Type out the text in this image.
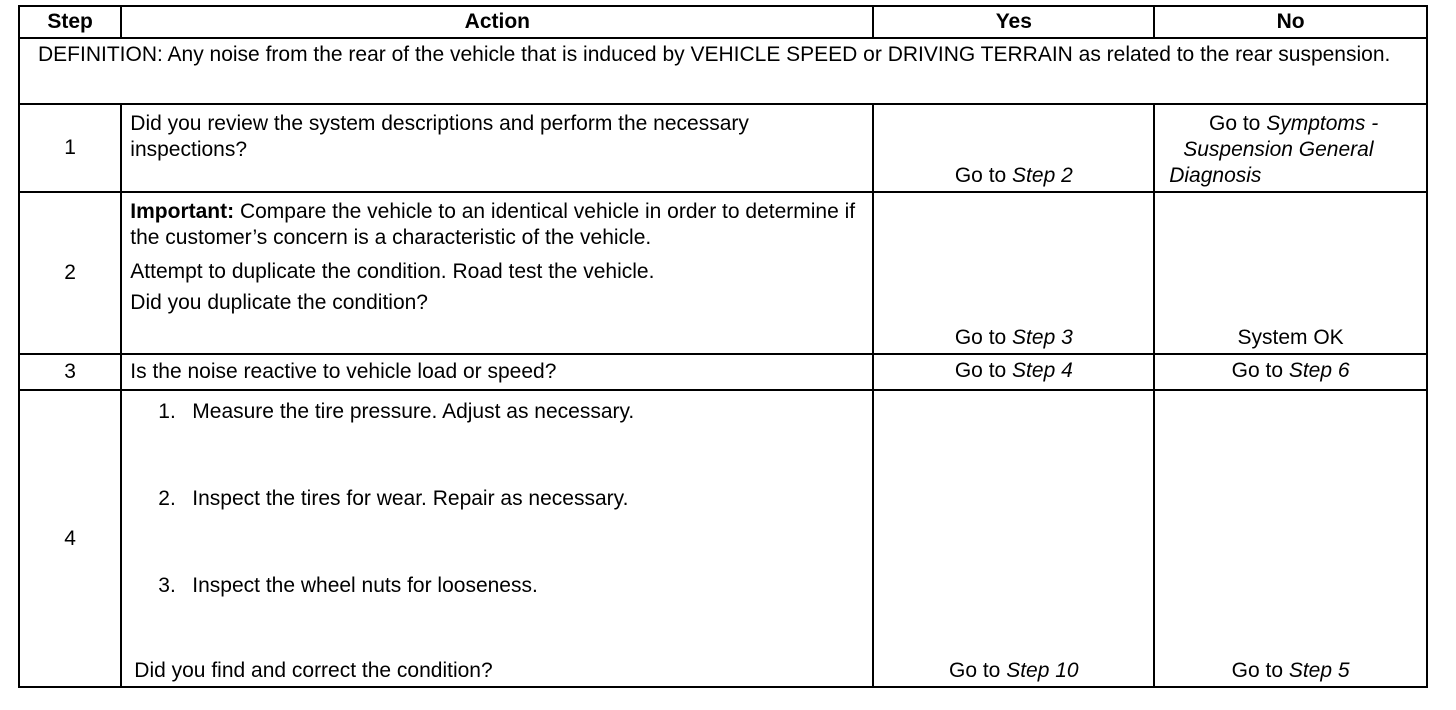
Step	Action	Yes	No
DEFINITION: Any noise from the rear of the vehicle that is induced by VEHICLE SPEED or DRIVING TERRAIN as related to the rear suspension.			
1	Did you review the system descriptions and perform the necessary inspections?	Go to Step 2	Go to Symptoms -
Suspension General
Diagnosis

2	Important: Compare the vehicle to an identical vehicle in order to determine if the customer’s concern is a characteristic of the vehicle.
Attempt to duplicate the condition. Road test the vehicle.
Did you duplicate the condition?	Go to Step 3	System OK
3	Is the noise reactive to vehicle load or speed?	Go to Step 4	Go to Step 6
4	1. Measure the tire pressure. Adjust as necessary.
2. Inspect the tires for wear. Repair as necessary.
3. Inspect the wheel nuts for looseness.
Did you find and correct the condition?	Go to Step 10	Go to Step 5
